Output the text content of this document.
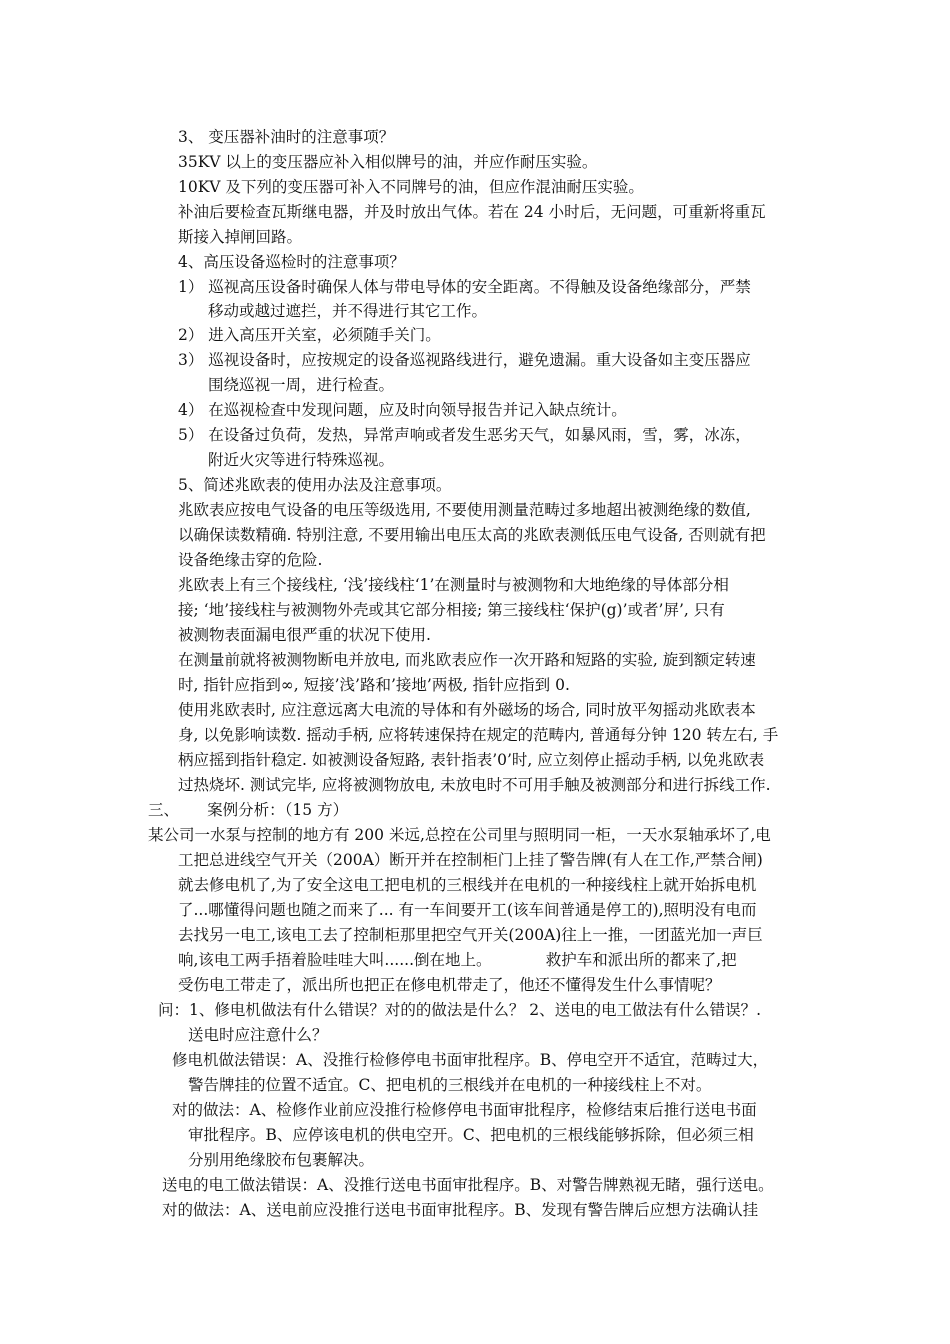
3、 变压器补油时的注意事项？
35KV 以上的变压器应补入相似牌号的油，并应作耐压实验。
10KV 及下列的变压器可补入不同牌号的油，但应作混油耐压实验。
补油后要检查瓦斯继电器，并及时放出气体。若在 24 小时后，无问题，可重新将重瓦
斯接入掉闸回路。
4、高压设备巡检时的注意事项？
1） 巡视高压设备时确保人体与带电导体的安全距离。不得触及设备绝缘部分，严禁
移动或越过遮拦，并不得进行其它工作。
2） 进入高压开关室，必须随手关门。
3） 巡视设备时，应按规定的设备巡视路线进行，避免遗漏。重大设备如主变压器应
围绕巡视一周，进行检查。
4） 在巡视检查中发现问题，应及时向领导报告并记入缺点统计。
5） 在设备过负荷，发热，异常声响或者发生恶劣天气，如暴风雨，雪，雾，冰冻，
附近火灾等进行特殊巡视。
5、简述兆欧表的使用办法及注意事项。
兆欧表应按电气设备的电压等级选用, 不要使用测量范畴过多地超出被测绝缘的数值,
以确保读数精确. 特别注意, 不要用输出电压太高的兆欧表测低压电气设备, 否则就有把
设备绝缘击穿的危险.
兆欧表上有三个接线柱, ‘浅’接线柱‘1’在测量时与被测物和大地绝缘的导体部分相
接; ‘地’接线柱与被测物外壳或其它部分相接; 第三接线柱‘保护(g)’或者’屏’, 只有
被测物表面漏电很严重的状况下使用.
在测量前就将被测物断电并放电, 而兆欧表应作一次开路和短路的实验, 旋到额定转速
时, 指针应指到∞, 短接’浅’路和’接地’两极, 指针应指到 0.
使用兆欧表时, 应注意远离大电流的导体和有外磁场的场合, 同时放平匆摇动兆欧表本
身, 以免影响读数. 摇动手柄, 应将转速保持在规定的范畴内, 普通每分钟 120 转左右, 手
柄应摇到指针稳定. 如被测设备短路, 表针指表’0’时, 应立刻停止摇动手柄, 以免兆欧表
过热烧坏. 测试完毕, 应将被测物放电, 未放电时不可用手触及被测部分和进行拆线工作.
三、　　 案例分析：（15 方）
某公司一水泵与控制的地方有 200 米远,总控在公司里与照明同一柜，一天水泵轴承坏了,电
工把总进线空气开关（200A）断开并在控制柜门上挂了警告牌(有人在工作,严禁合闸)
就去修电机了,为了安全这电工把电机的三根线并在电机的一种接线柱上就开始拆电机
了...哪懂得问题也随之而来了... 有一车间要开工(该车间普通是停工的),照明没有电而
去找另一电工,该电工去了控制柜那里把空气开关(200A)往上一推，一团蓝光加一声巨
响,该电工两手捂着脸哇哇大叫......倒在地上。　　　　救护车和派出所的都来了,把
受伤电工带走了，派出所也把正在修电机带走了，他还不懂得发生什么事情呢？
问：1、修电机做法有什么错误？对的的做法是什么？ 2、送电的电工做法有什么错误？.
送电时应注意什么？
修电机做法错误：A、没推行检修停电书面审批程序。B、停电空开不适宜，范畴过大，
警告牌挂的位置不适宜。C、把电机的三根线并在电机的一种接线柱上不对。
对的做法：A、检修作业前应没推行检修停电书面审批程序，检修结束后推行送电书面
审批程序。B、应停该电机的供电空开。C、把电机的三根线能够拆除，但必须三相
分别用绝缘胶布包裹解决。
送电的电工做法错误：A、没推行送电书面审批程序。B、对警告牌熟视无睹，强行送电。
对的做法：A、送电前应没推行送电书面审批程序。B、发现有警告牌后应想方法确认挂
